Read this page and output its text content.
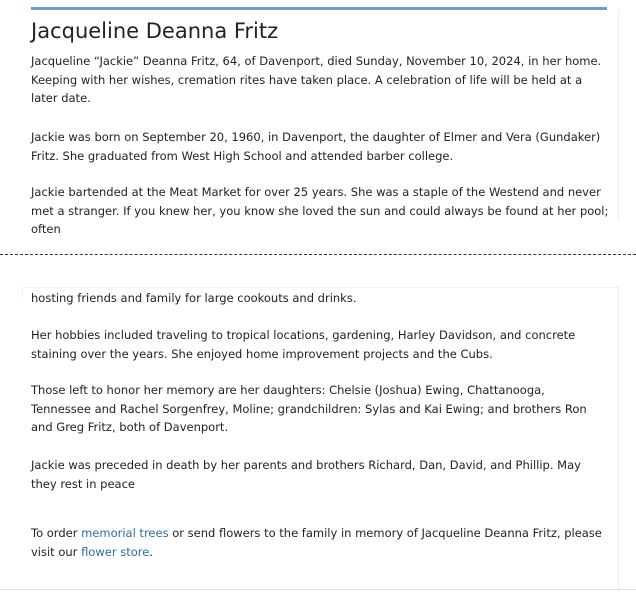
Jacqueline Deanna Fritz

Jacqueline “Jackie” Deanna Fritz, 64, of Davenport, died Sunday, November 10, 2024, in her home. Keeping with her wishes, cremation rites have taken place. A celebration of life will be held at a later date.

Jackie was born on September 20, 1960, in Davenport, the daughter of Elmer and Vera (Gundaker) Fritz. She graduated from West High School and attended barber college.

Jackie bartended at the Meat Market for over 25 years. She was a staple of the Westend and never met a stranger. If you knew her, you know she loved the sun and could always be found at her pool; often

hosting friends and family for large cookouts and drinks.

Her hobbies included traveling to tropical locations, gardening, Harley Davidson, and concrete staining over the years. She enjoyed home improvement projects and the Cubs.

Those left to honor her memory are her daughters: Chelsie (Joshua) Ewing, Chattanooga, Tennessee and Rachel Sorgenfrey, Moline; grandchildren: Sylas and Kai Ewing; and brothers Ron and Greg Fritz, both of Davenport.

Jackie was preceded in death by her parents and brothers Richard, Dan, David, and Phillip. May they rest in peace

To order memorial trees or send flowers to the family in memory of Jacqueline Deanna Fritz, please visit our flower store.
